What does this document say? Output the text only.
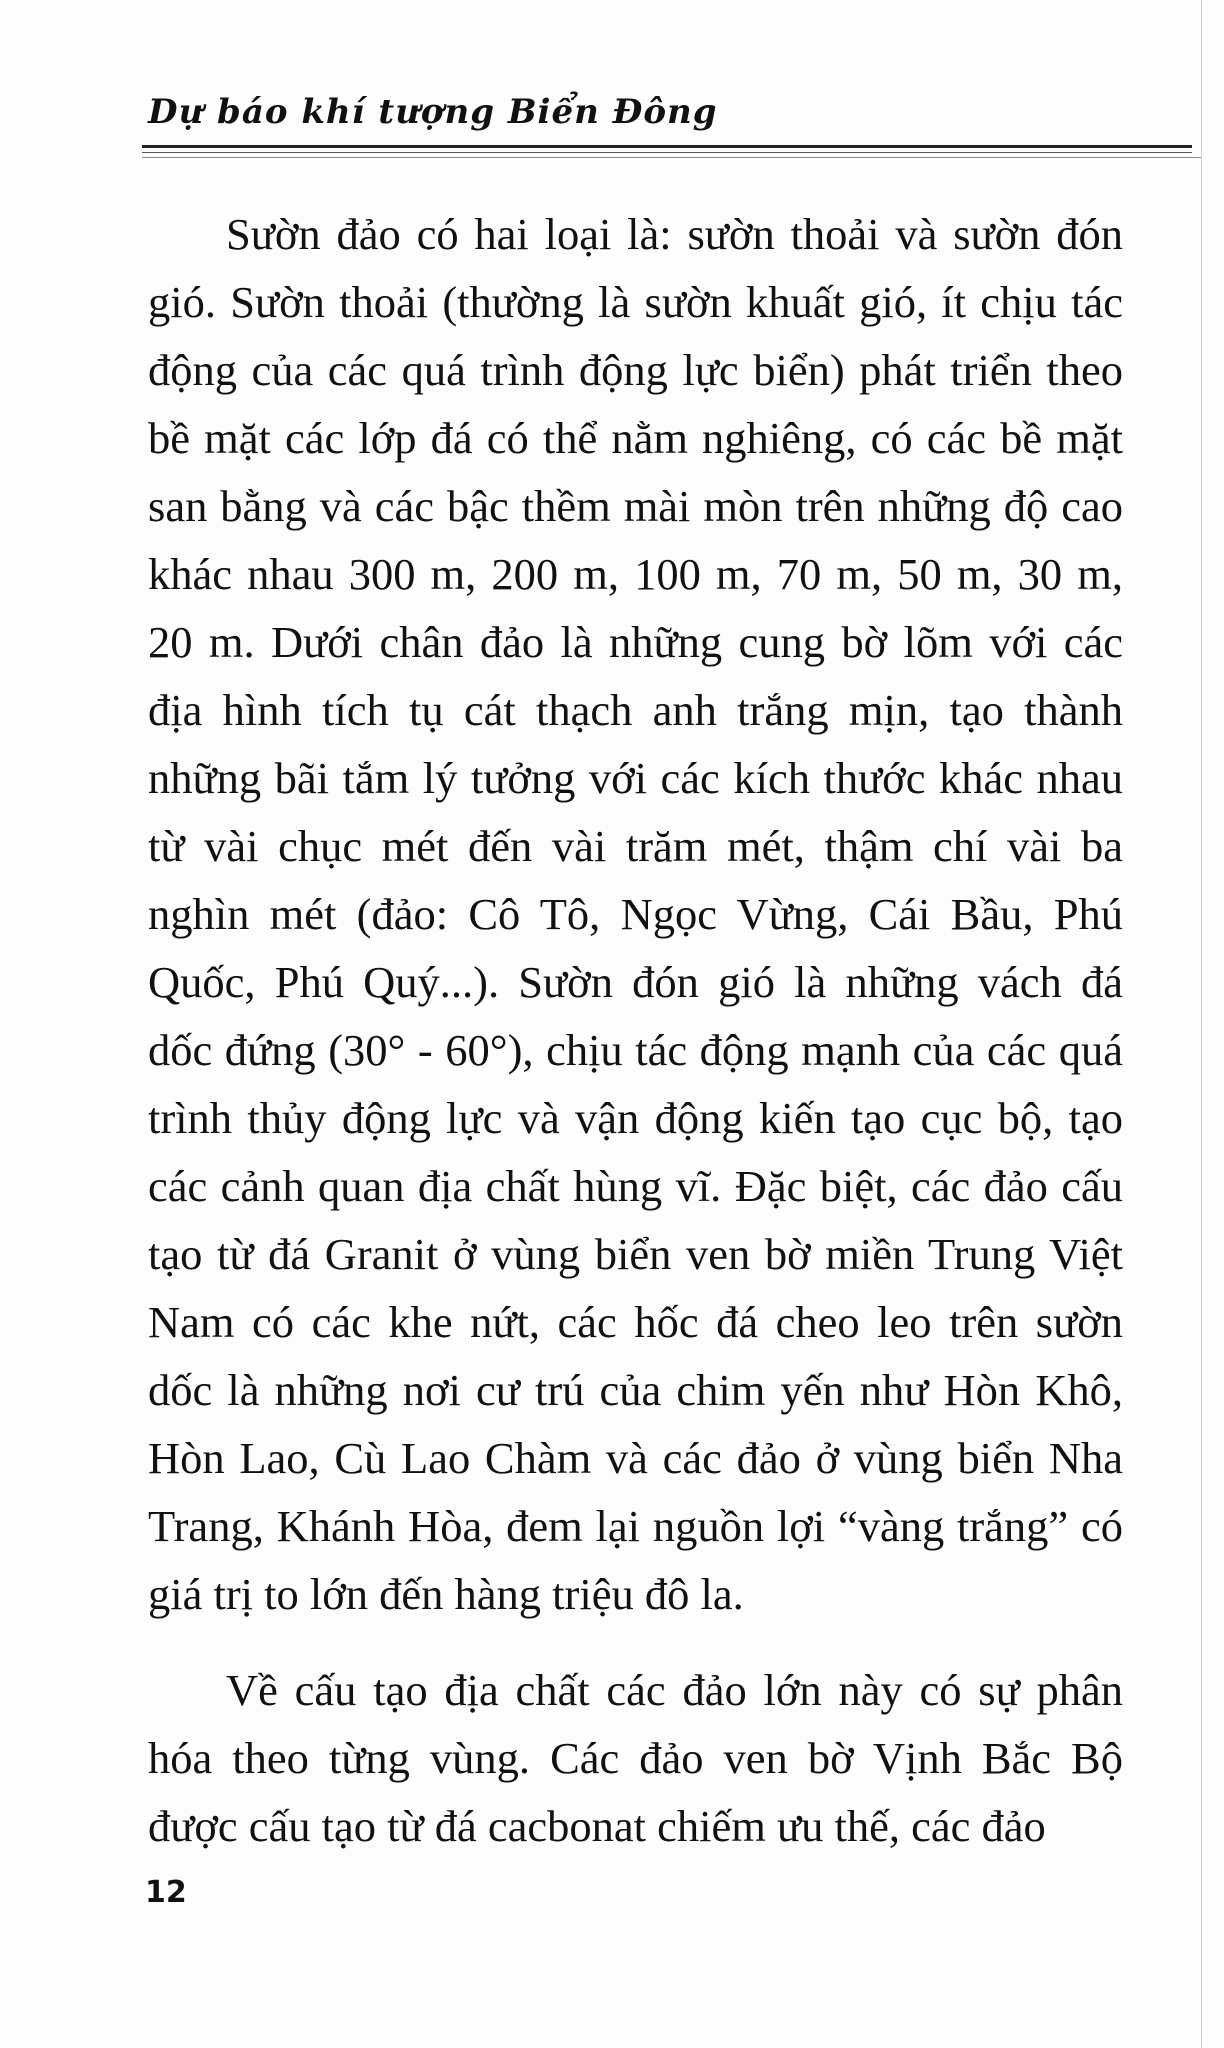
Dự báo khí tượng Biển Đông

Sườn đảo có hai loại là: sườn thoải và sườn đón gió. Sườn thoải (thường là sườn khuất gió, ít chịu tác động của các quá trình động lực biển) phát triển theo bề mặt các lớp đá có thể nằm nghiêng, có các bề mặt san bằng và các bậc thềm mài mòn trên những độ cao khác nhau 300 m, 200 m, 100 m, 70 m, 50 m, 30 m, 20 m. Dưới chân đảo là những cung bờ lõm với các địa hình tích tụ cát thạch anh trắng mịn, tạo thành những bãi tắm lý tưởng với các kích thước khác nhau từ vài chục mét đến vài trăm mét, thậm chí vài ba nghìn mét (đảo: Cô Tô, Ngọc Vừng, Cái Bầu, Phú Quốc, Phú Quý...). Sườn đón gió là những vách đá dốc đứng (30° - 60°), chịu tác động mạnh của các quá trình thủy động lực và vận động kiến tạo cục bộ, tạo các cảnh quan địa chất hùng vĩ. Đặc biệt, các đảo cấu tạo từ đá Granit ở vùng biển ven bờ miền Trung Việt Nam có các khe nứt, các hốc đá cheo leo trên sườn dốc là những nơi cư trú của chim yến như Hòn Khô, Hòn Lao, Cù Lao Chàm và các đảo ở vùng biển Nha Trang, Khánh Hòa, đem lại nguồn lợi “vàng trắng” có giá trị to lớn đến hàng triệu đô la.

Về cấu tạo địa chất các đảo lớn này có sự phân hóa theo từng vùng. Các đảo ven bờ Vịnh Bắc Bộ được cấu tạo từ đá cacbonat chiếm ưu thế, các đảo

12
